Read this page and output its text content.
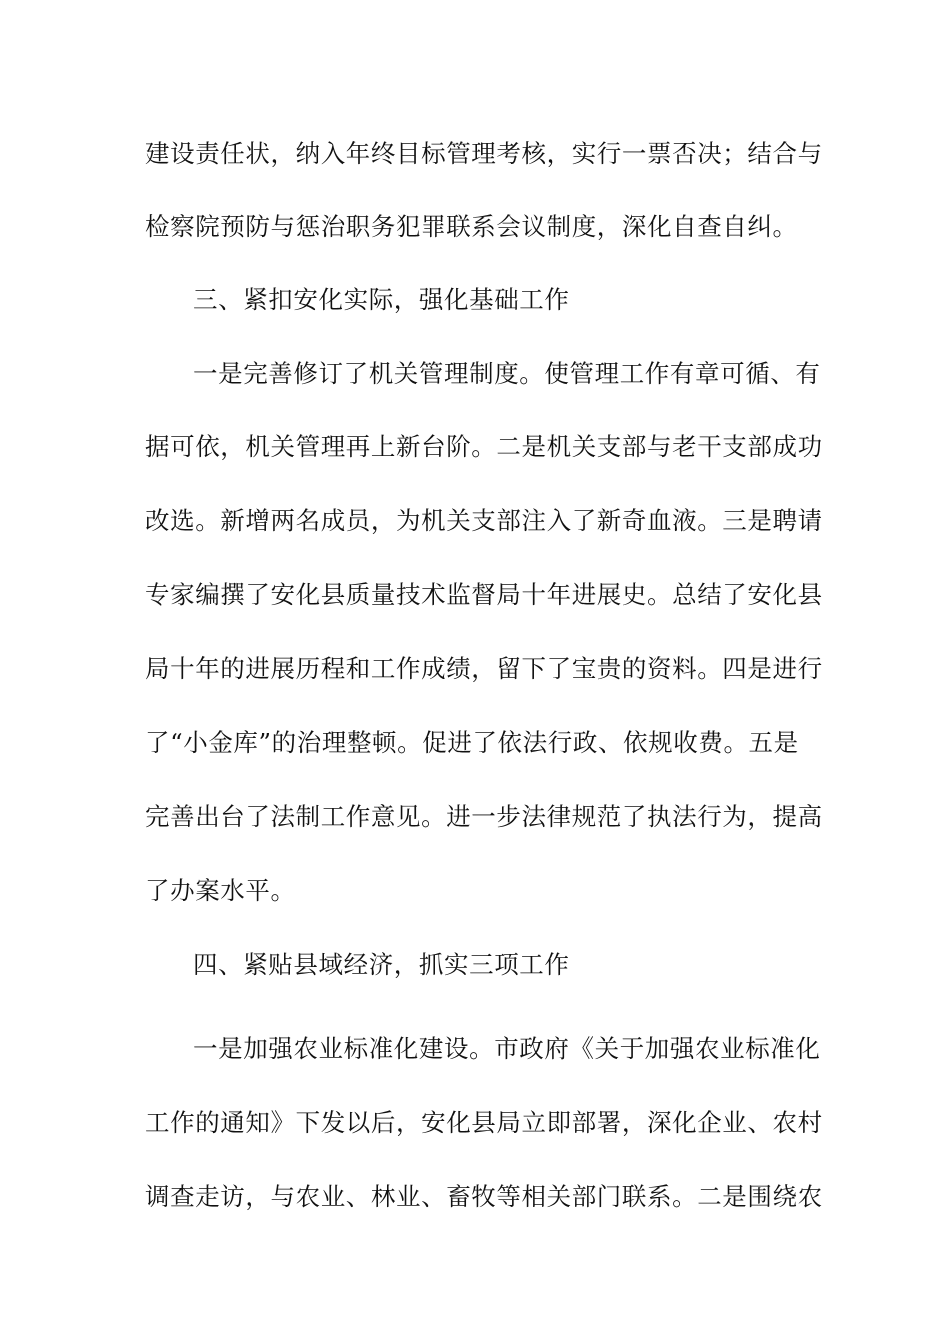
建设责任状，纳入年终目标管理考核，实行一票否决；结合与
检察院预防与惩治职务犯罪联系会议制度，深化自查自纠。
三、紧扣安化实际，强化基础工作
一是完善修订了机关管理制度。使管理工作有章可循、有
据可依，机关管理再上新台阶。二是机关支部与老干支部成功
改选。新增两名成员，为机关支部注入了新奇血液。三是聘请
专家编撰了安化县质量技术监督局十年进展史。总结了安化县
局十年的进展历程和工作成绩，留下了宝贵的资料。四是进行
了“小金库”的治理整顿。促进了依法行政、依规收费。五是
完善出台了法制工作意见。进一步法律规范了执法行为，提高
了办案水平。
四、紧贴县域经济，抓实三项工作
一是加强农业标准化建设。市政府《关于加强农业标准化
工作的通知》下发以后，安化县局立即部署，深化企业、农村
调查走访，与农业、林业、畜牧等相关部门联系。二是围绕农
